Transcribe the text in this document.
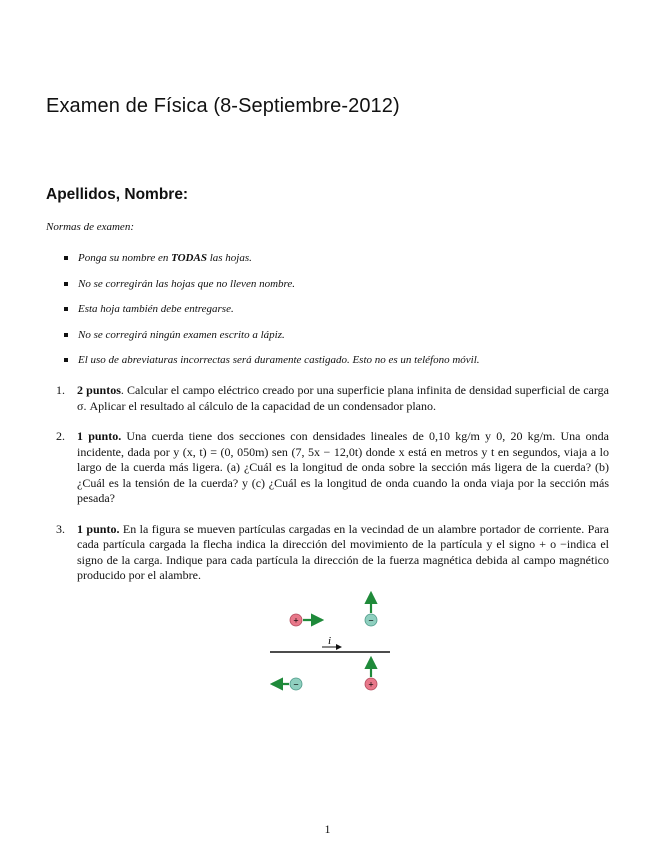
Examen de Física (8-Septiembre-2012)
Apellidos, Nombre:
Normas de examen:
Ponga su nombre en TODAS las hojas.
No se corregirán las hojas que no lleven nombre.
Esta hoja también debe entregarse.
No se corregirá ningún examen escrito a lápiz.
El uso de abreviaturas incorrectas será duramente castigado. Esto no es un teléfono móvil.
1. 2 puntos. Calcular el campo eléctrico creado por una superficie plana infinita de densidad superficial de carga σ. Aplicar el resultado al cálculo de la capacidad de un condensador plano.
2. 1 punto. Una cuerda tiene dos secciones con densidades lineales de 0,10 kg/m y 0, 20 kg/m. Una onda incidente, dada por y (x, t) = (0, 050m) sen (7, 5x − 12,0t) donde x está en metros y t en segundos, viaja a lo largo de la cuerda más ligera. (a) ¿Cuál es la longitud de onda sobre la sección más ligera de la cuerda? (b) ¿Cuál es la tensión de la cuerda? y (c) ¿Cuál es la longitud de onda cuando la onda viaja por la sección más pesada?
3. 1 punto. En la figura se mueven partículas cargadas en la vecindad de un alambre portador de corriente. Para cada partícula cargada la flecha indica la dirección del movimiento de la partícula y el signo + o −indica el signo de la carga. Indique para cada partícula la dirección de la fuerza magnética debida al campo magnético producido por el alambre.
i
+	−
−	+
1
